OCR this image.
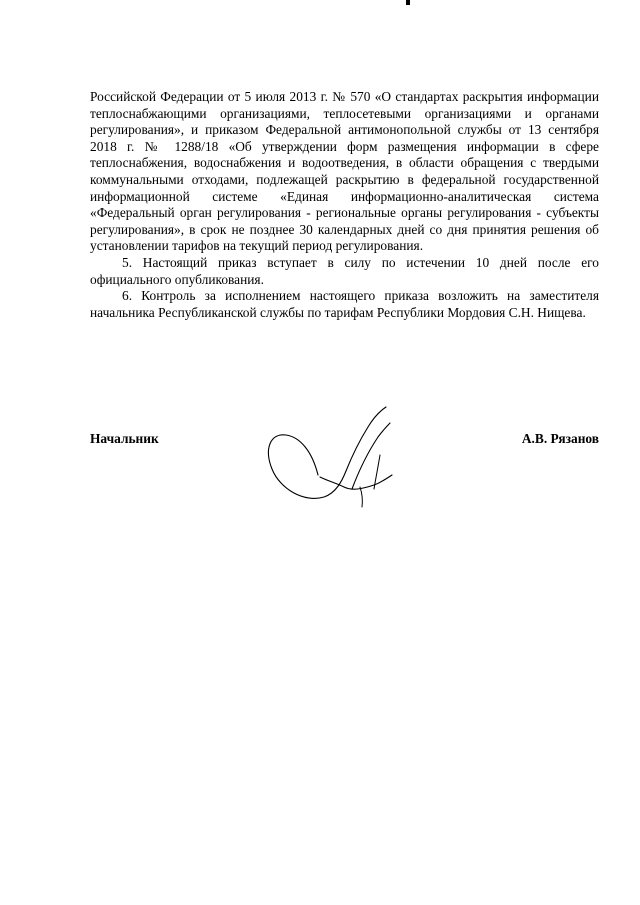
Российской Федерации от 5 июля 2013 г. № 570 «О стандартах раскрытия информации теплоснабжающими организациями, теплосетевыми организациями и органами регулирования», и приказом Федеральной антимонопольной службы от 13 сентября 2018 г. № 1288/18 «Об утверждении форм размещения информации в сфере теплоснабжения, водоснабжения и водоотведения, в области обращения с твердыми коммунальными отходами, подлежащей раскрытию в федеральной государственной информационной системе «Единая информационно-аналитическая система «Федеральный орган регулирования - региональные органы регулирования - субъекты регулирования», в срок не позднее 30 календарных дней со дня принятия решения об установлении тарифов на текущий период регулирования.

5. Настоящий приказ вступает в силу по истечении 10 дней после его официального опубликования.

6. Контроль за исполнением настоящего приказа возложить на заместителя начальника Республиканской службы по тарифам Республики Мордовия С.Н. Нищева.

Начальник	А.В. Рязанов
